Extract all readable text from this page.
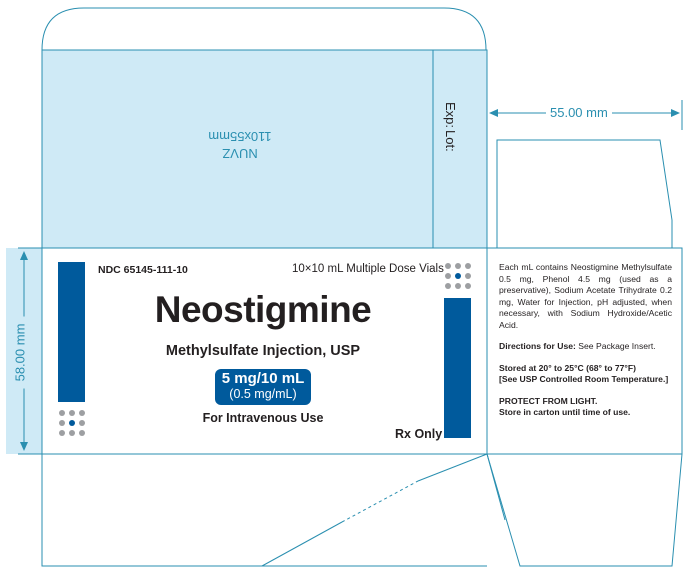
NUVZ
110x55mm
Exp:
Lot:
55.00 mm
58.00 mm
NDC 65145-111-10	10×10 mL Multiple Dose Vials
Neostigmine
Methylsulfate Injection, USP
5 mg/10 mL
(0.5 mg/mL)
For Intravenous Use
Rx Only

Each mL contains Neostigmine Methylsulfate 0.5 mg, Phenol 4.5 mg (used as a preservative), Sodium Acetate Trihydrate 0.2 mg, Water for Injection, pH adjusted, when necessary, with Sodium Hydroxide/Acetic Acid.

Directions for Use: See Package Insert.

Stored at 20° to 25°C (68° to 77°F)
[See USP Controlled Room Temperature.]

PROTECT FROM LIGHT.
Store in carton until time of use.
